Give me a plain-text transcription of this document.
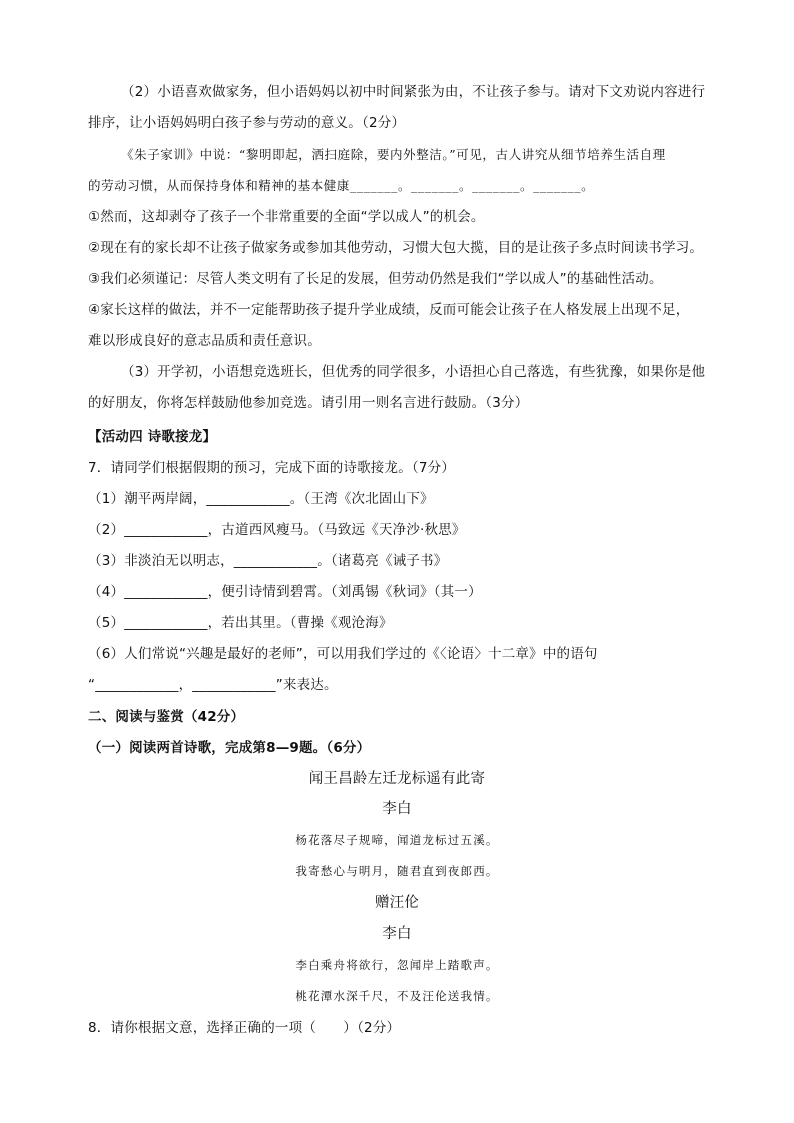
（2）小语喜欢做家务，但小语妈妈以初中时间紧张为由，不让孩子参与。请对下文劝说内容进行
排序，让小语妈妈明白孩子参与劳动的意义。（2分）
《朱子家训》中说：“黎明即起，洒扫庭除，要内外整洁。”可见，古人讲究从细节培养生活自理
的劳动习惯，从而保持身体和精神的基本健康_______。_______。_______。_______。
①然而，这却剥夺了孩子一个非常重要的全面“学以成人”的机会。
②现在有的家长却不让孩子做家务或参加其他劳动，习惯大包大揽，目的是让孩子多点时间读书学习。
③我们必须谨记：尽管人类文明有了长足的发展，但劳动仍然是我们“学以成人”的基础性活动。
④家长这样的做法，并不一定能帮助孩子提升学业成绩，反而可能会让孩子在人格发展上出现不足，
难以形成良好的意志品质和责任意识。
（3）开学初，小语想竞选班长，但优秀的同学很多，小语担心自己落选，有些犹豫，如果你是他
的好朋友，你将怎样鼓励他参加竞选。请引用一则名言进行鼓励。（3分）
【活动四 诗歌接龙】
7．请同学们根据假期的预习，完成下面的诗歌接龙。（7分）
（1）潮平两岸阔，____________。（王湾《次北固山下》
（2）____________，古道西风瘦马。（马致远《天净沙·秋思》
（3）非淡泊无以明志，____________。（诸葛亮《诫子书》
（4）____________，便引诗情到碧霄。（刘禹锡《秋词》（其一）
（5）____________，若出其里。（曹操《观沧海》
（6）人们常说“兴趣是最好的老师”，可以用我们学过的《〈论语〉十二章》中的语句
“____________，____________”来表达。
二、阅读与鉴赏（42分）
（一）阅读两首诗歌，完成第8—9题。（6分）
闻王昌龄左迁龙标遥有此寄
李白
杨花落尽子规啼，闻道龙标过五溪。
我寄愁心与明月，随君直到夜郎西。
赠汪伦
李白
李白乘舟将欲行，忽闻岸上踏歌声。
桃花潭水深千尺，不及汪伦送我情。
8．请你根据文意，选择正确的一项（　　）（2分）
